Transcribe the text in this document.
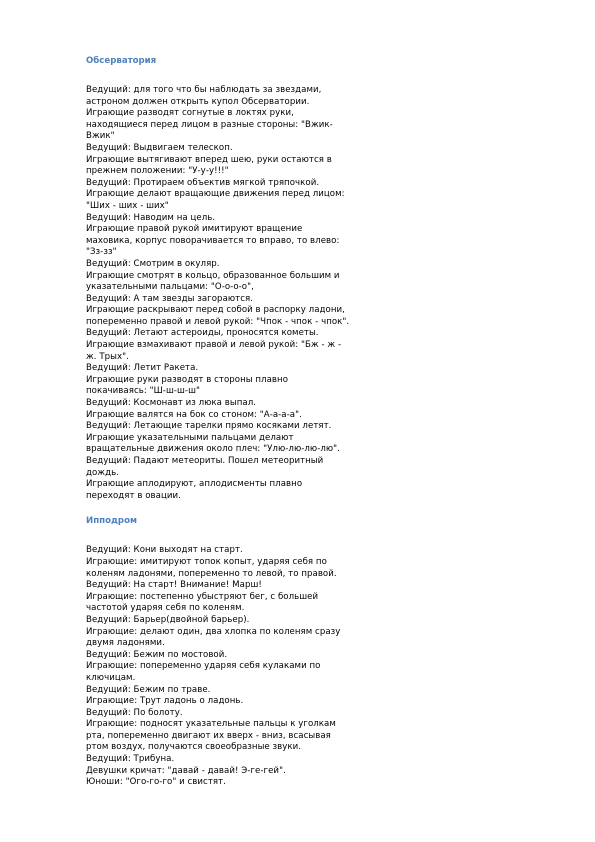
Обсерватория
Ведущий: для того что бы наблюдать за звездами,
астроном должен открыть купол Обсерватории.
Играющие разводят согнутые в локтях руки,
находящиеся перед лицом в разные стороны: "Вжик-
Вжик"
Ведущий: Выдвигаем телескоп.
Играющие вытягивают вперед шею, руки остаются в
прежнем положении: "У-у-у!!!"
Ведущий: Протираем объектив мягкой тряпочкой.
Играющие делают вращающие движения перед лицом:
"Ших - ших - ших"
Ведущий: Наводим на цель.
Играющие правой рукой имитируют вращение
маховика, корпус поворачивается то вправо, то влево:
"Зз-зз"
Ведущий: Смотрим в окуляр.
Играющие смотрят в кольцо, образованное большим и
указательными пальцами: "О-о-о-о",
Ведущий: А там звезды загораются.
Играющие раскрывают перед собой в распорку ладони,
попеременно правой и левой рукой: "Чпок - чпок - чпок".
Ведущий: Летают астероиды, проносятся кометы.
Играющие взмахивают правой и левой рукой: "Бж - ж -
ж. Трых".
Ведущий: Летит Ракета.
Играющие руки разводят в стороны плавно
покачиваясь: "Ш-ш-ш-ш"
Ведущий: Космонавт из люка выпал.
Играющие валятся на бок со стоном: "А-а-а-а".
Ведущий: Летающие тарелки прямо косяками летят.
Играющие указательными пальцами делают
вращательные движения около плеч: "Улю-лю-лю-лю".
Ведущий: Падают метеориты. Пошел метеоритный
дождь.
Играющие аплодируют, аплодисменты плавно
переходят в овации.
Ипподром
Ведущий: Кони выходят на старт.
Играющие: имитируют топок копыт, ударяя себя по
коленям ладонями, попеременно то левой, то правой.
Ведущий: На старт! Внимание! Марш!
Играющие: постепенно убыстряют бег, с большей
частотой ударяя себя по коленям.
Ведущий: Барьер(двойной барьер).
Играющие: делают один, два хлопка по коленям сразу
двумя ладонями.
Ведущий: Бежим по мостовой.
Играющие: попеременно ударяя себя кулаками по
ключицам.
Ведущий: Бежим по траве.
Играющие: Трут ладонь о ладонь.
Ведущий: По болоту.
Играющие: подносят указательные пальцы к уголкам
рта, попеременно двигают их вверх - вниз, всасывая
ртом воздух, получаются своеобразные звуки.
Ведущий: Трибуна.
Девушки кричат: "давай - давай! Э-ге-гей".
Юноши: "Ого-го-го" и свистят.
